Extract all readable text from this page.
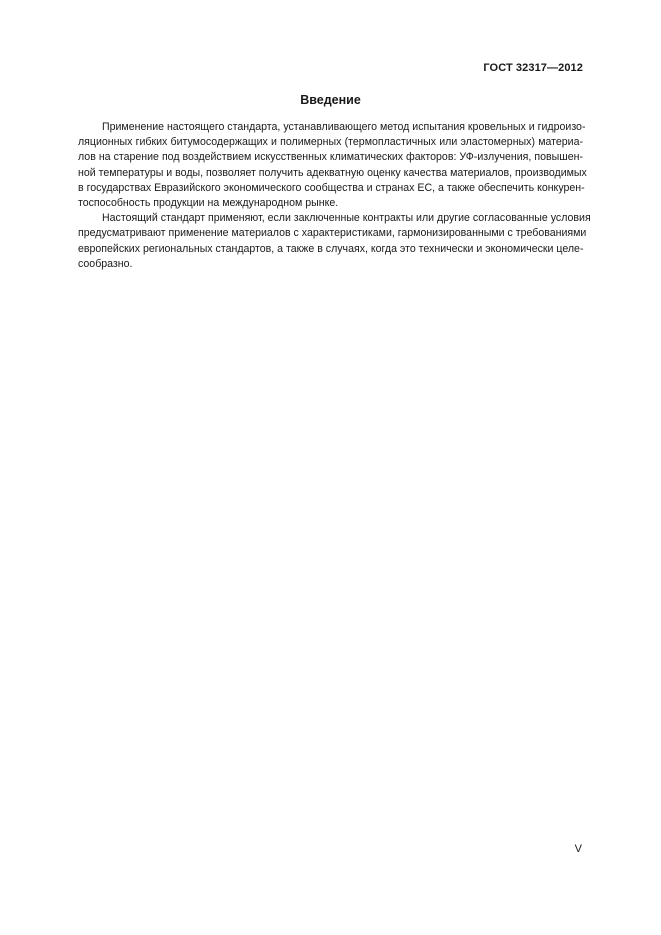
ГОСТ 32317—2012
Введение

Применение настоящего стандарта, устанавливающего метод испытания кровельных и гидроизо-
ляционных гибких битумосодержащих и полимерных (термопластичных или эластомерных) материа-
лов на старение под воздействием искусственных климатических факторов: УФ-излучения, повышен-
ной температуры и воды, позволяет получить адекватную оценку качества материалов, производимых
в государствах Евразийского экономического сообщества и странах ЕС, а также обеспечить конкурен-
тоспособность продукции на международном рынке.

Настоящий стандарт применяют, если заключенные контракты или другие согласованные условия
предусматривают применение материалов с характеристиками, гармонизированными с требованиями
европейских региональных стандартов, а также в случаях, когда это технически и экономически целе-
сообразно.

V
